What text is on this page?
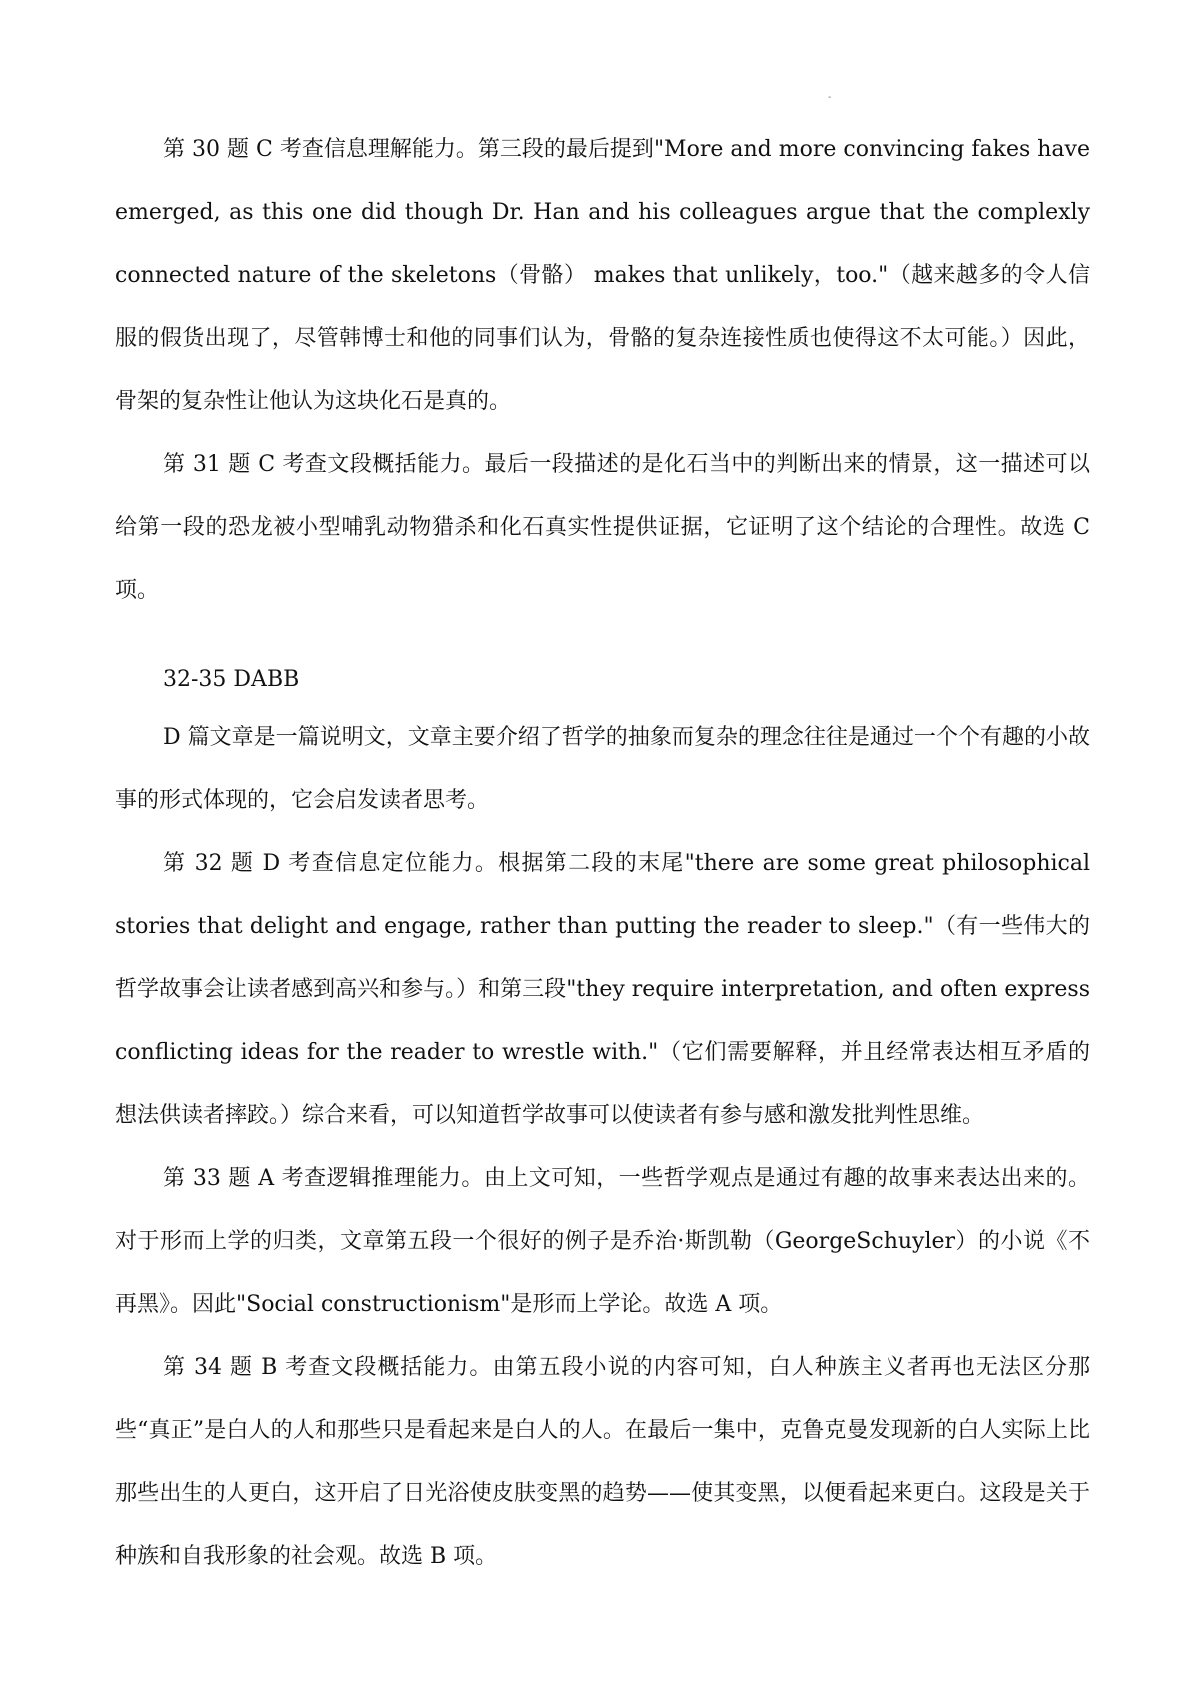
-

第 30 题 C 考查信息理解能力。第三段的最后提到"More and more convincing fakes have emerged, as this one did though Dr. Han and his colleagues argue that the complexly connected nature of the skeletons（骨骼） makes that unlikely，too."（越来越多的令人信服的假货出现了，尽管韩博士和他的同事们认为，骨骼的复杂连接性质也使得这不太可能。）因此，骨架的复杂性让他认为这块化石是真的。

第 31 题 C 考查文段概括能力。最后一段描述的是化石当中的判断出来的情景，这一描述可以给第一段的恐龙被小型哺乳动物猎杀和化石真实性提供证据，它证明了这个结论的合理性。故选 C 项。

32-35 DABB

D 篇文章是一篇说明文，文章主要介绍了哲学的抽象而复杂的理念往往是通过一个个有趣的小故事的形式体现的，它会启发读者思考。

第 32 题 D 考查信息定位能力。根据第二段的末尾"there are some great philosophical stories that delight and engage, rather than putting the reader to sleep."（有一些伟大的哲学故事会让读者感到高兴和参与。）和第三段"they require interpretation, and often express conflicting ideas for the reader to wrestle with."（它们需要解释，并且经常表达相互矛盾的想法供读者摔跤。）综合来看，可以知道哲学故事可以使读者有参与感和激发批判性思维。

第 33 题 A 考查逻辑推理能力。由上文可知，一些哲学观点是通过有趣的故事来表达出来的。对于形而上学的归类，文章第五段一个很好的例子是乔治·斯凯勒（GeorgeSchuyler）的小说《不再黑》。因此"Social constructionism"是形而上学论。故选 A 项。

第 34 题 B 考查文段概括能力。由第五段小说的内容可知，白人种族主义者再也无法区分那些“真正”是白人的人和那些只是看起来是白人的人。在最后一集中，克鲁克曼发现新的白人实际上比那些出生的人更白，这开启了日光浴使皮肤变黑的趋势——使其变黑，以便看起来更白。这段是关于种族和自我形象的社会观。故选 B 项。
